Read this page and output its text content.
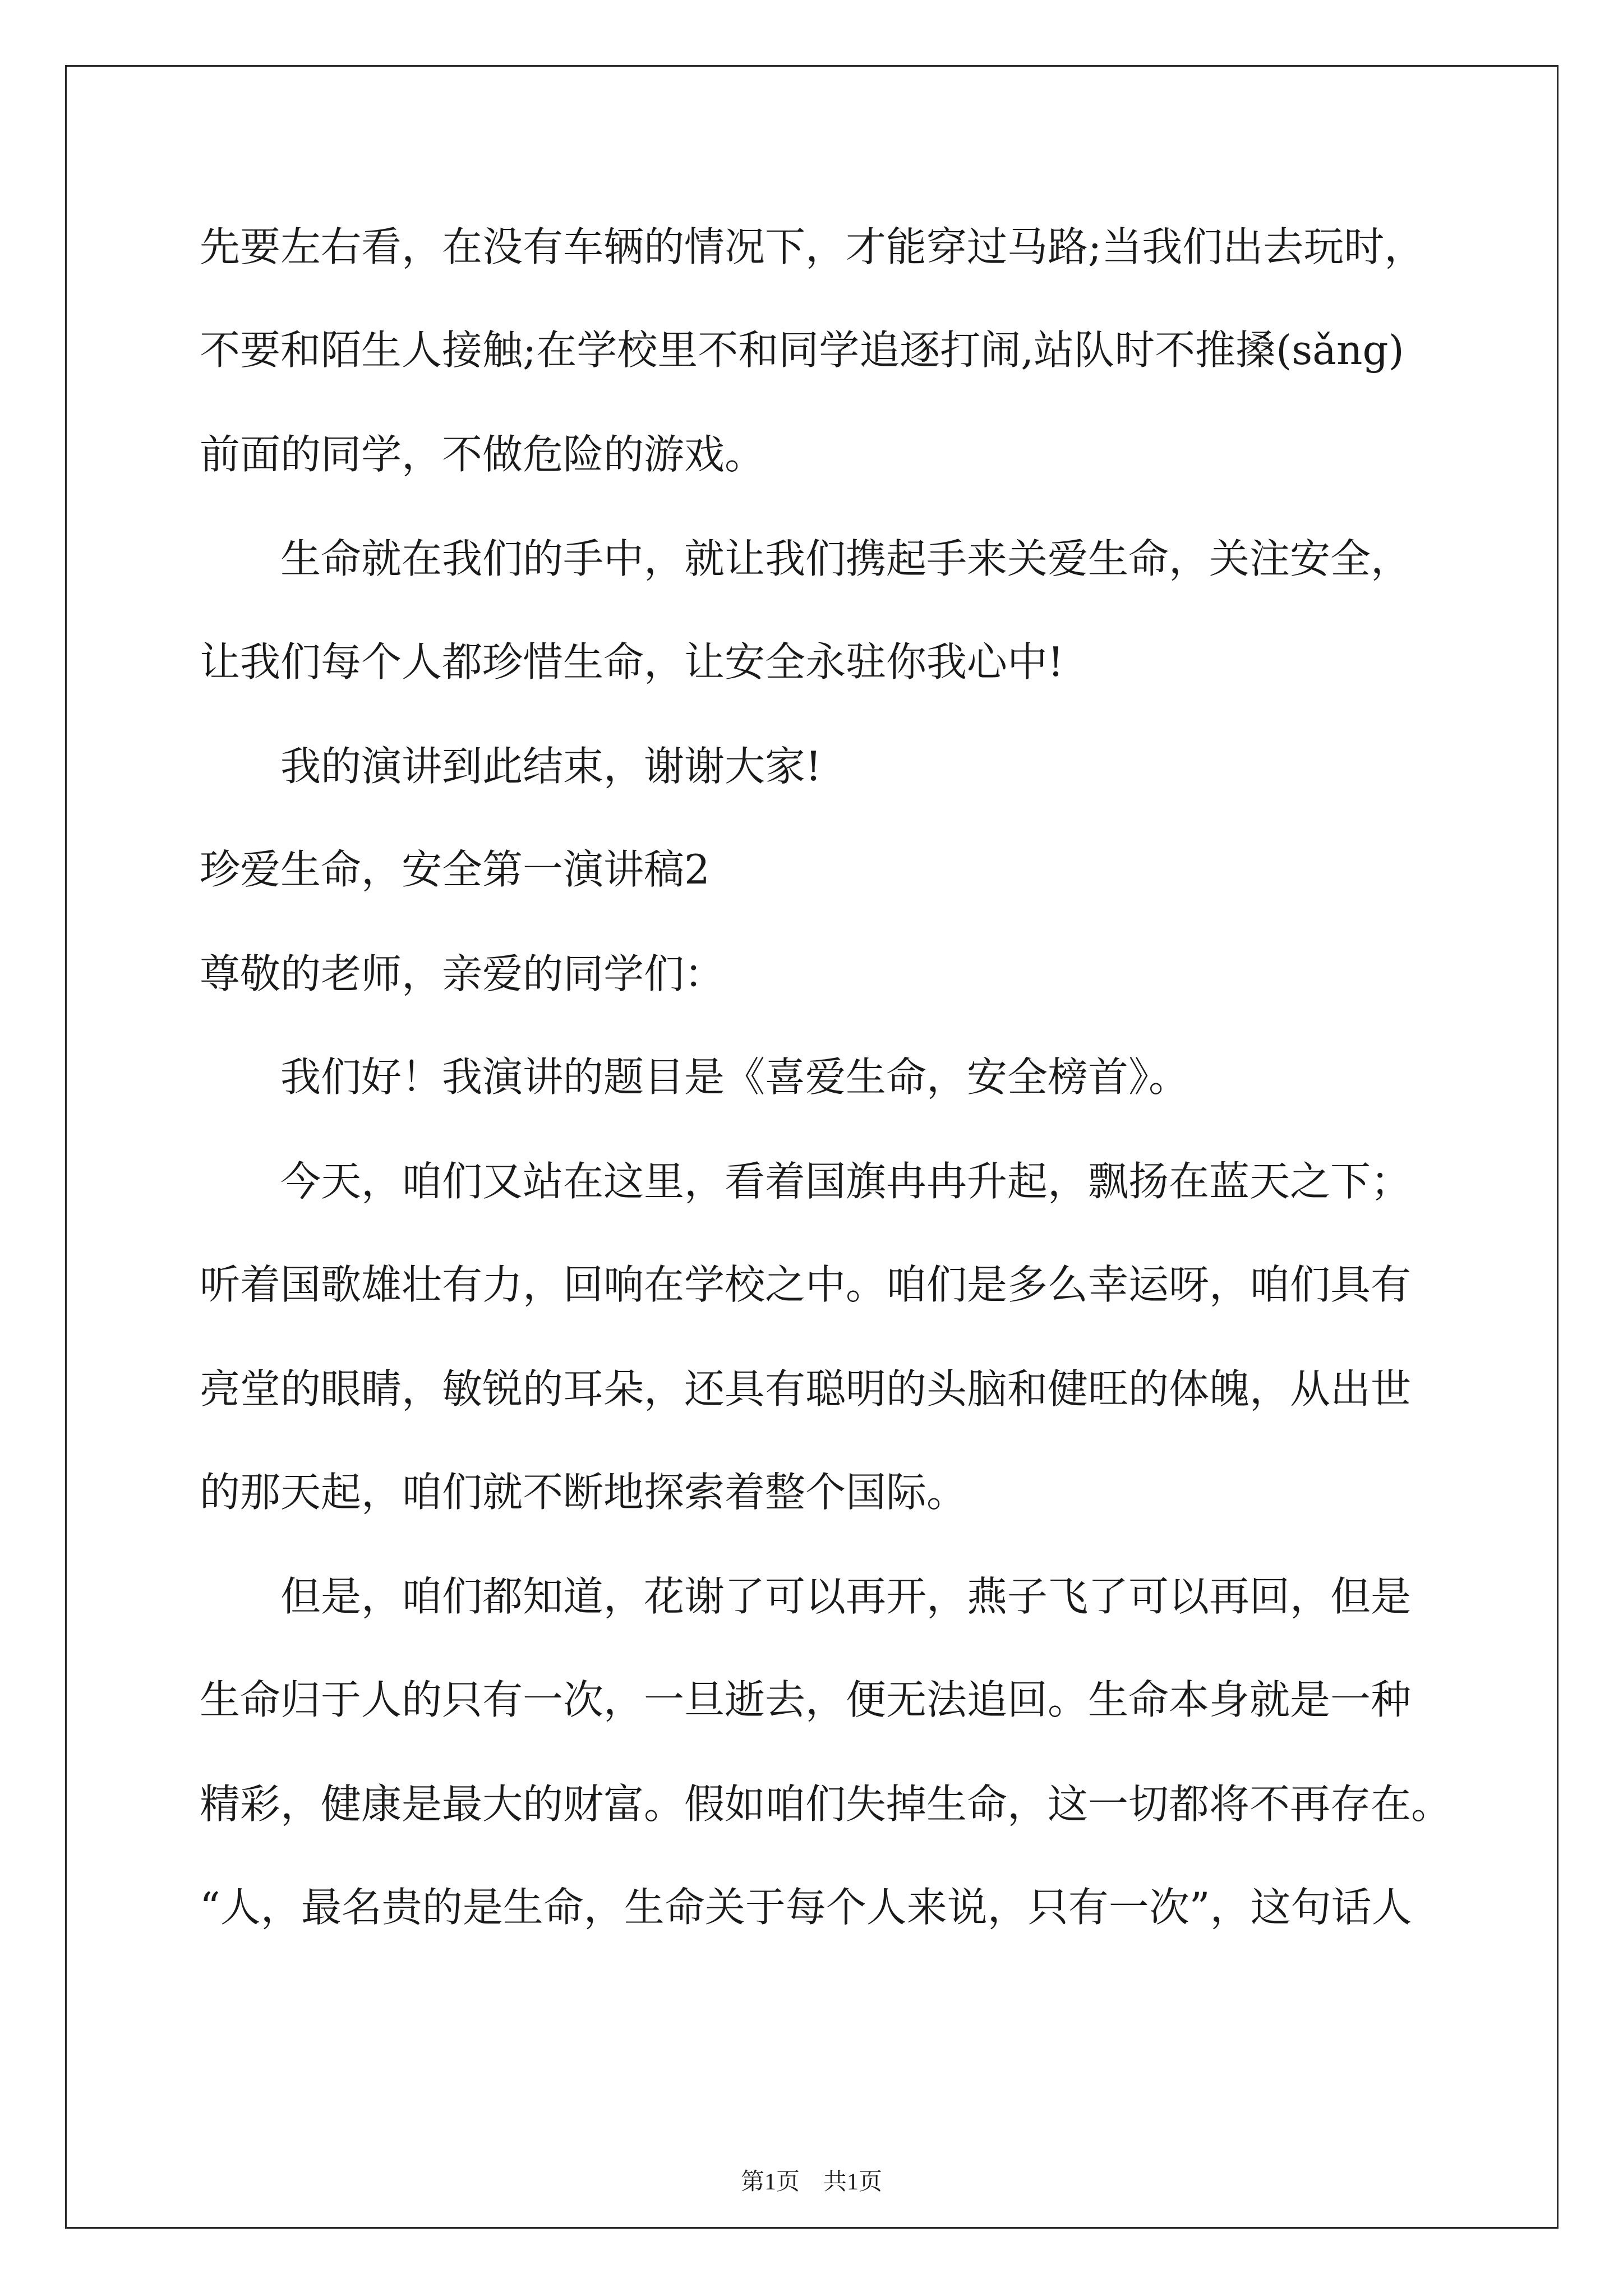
先要左右看，在没有车辆的情况下，才能穿过马路;当我们出去玩时，

不要和陌生人接触;在学校里不和同学追逐打闹,站队时不推搡(sǎng)

前面的同学，不做危险的游戏。

生命就在我们的手中，就让我们携起手来关爱生命，关注安全，

让我们每个人都珍惜生命，让安全永驻你我心中!

我的演讲到此结束，谢谢大家!

珍爱生命，安全第一演讲稿2

尊敬的老师，亲爱的同学们：

我们好！我演讲的题目是《喜爱生命，安全榜首》。

今天，咱们又站在这里，看着国旗冉冉升起，飘扬在蓝天之下；

听着国歌雄壮有力，回响在学校之中。咱们是多么幸运呀，咱们具有

亮堂的眼睛，敏锐的耳朵，还具有聪明的头脑和健旺的体魄，从出世

的那天起，咱们就不断地探索着整个国际。

但是，咱们都知道，花谢了可以再开，燕子飞了可以再回，但是

生命归于人的只有一次，一旦逝去，便无法追回。生命本身就是一种

精彩，健康是最大的财富。假如咱们失掉生命，这一切都将不再存在。

“人，最名贵的是生命，生命关于每个人来说，只有一次”，这句话人

第1页　共1页
